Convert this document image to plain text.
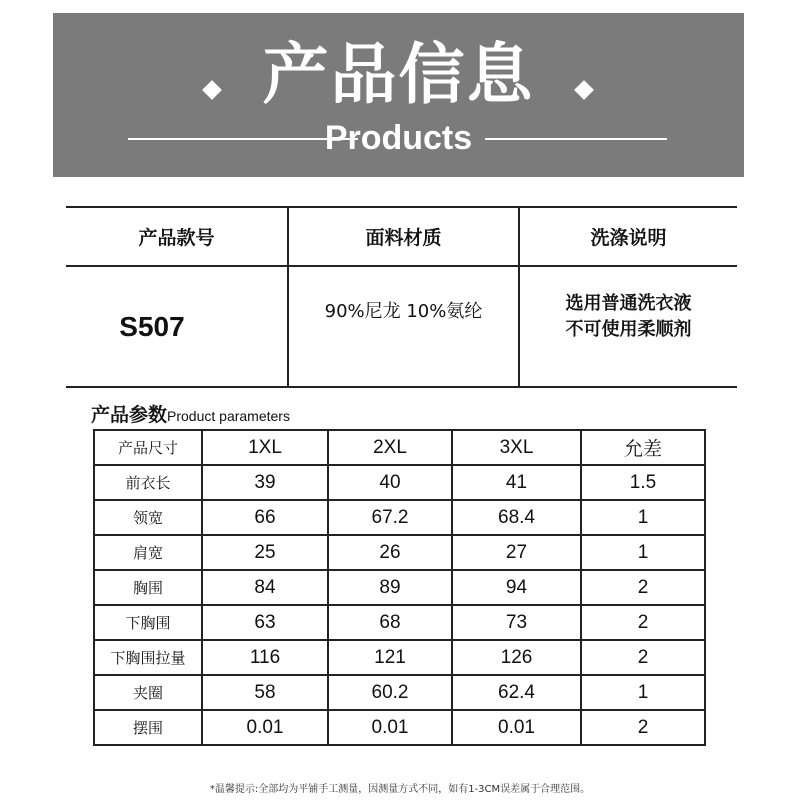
产品信息
Products
产品款号	面料材质	洗涤说明
S507	90%尼龙 10%氨纶	选用普通洗衣液
不可使用柔顺剂
产品参数Product parameters
产品尺寸	1XL	2XL	3XL	允差
前衣长	39	40	41	1.5
领宽	66	67.2	68.4	1
肩宽	25	26	27	1
胸围	84	89	94	2
下胸围	63	68	73	2
下胸围拉量	116	121	126	2
夹圈	58	60.2	62.4	1
摆围	0.01	0.01	0.01	2
*温馨提示:全部均为平铺手工测量，因测量方式不同，如有1-3CM误差属于合理范围。
